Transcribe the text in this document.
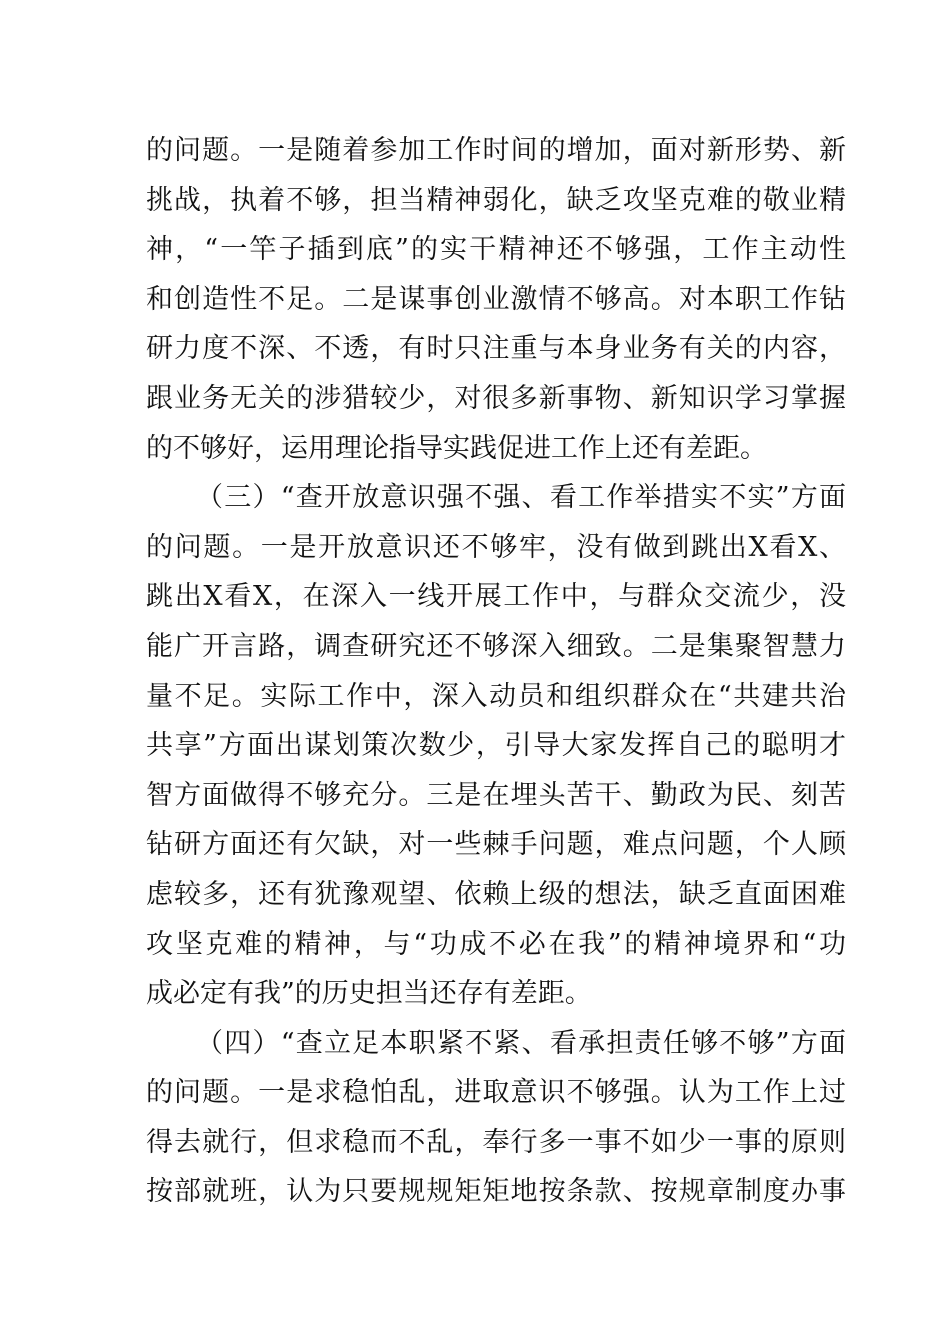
的问题。一是随着参加工作时间的增加，面对新形势、新
挑战，执着不够，担当精神弱化，缺乏攻坚克难的敬业精
神，“一竿子插到底”的实干精神还不够强，工作主动性
和创造性不足。二是谋事创业激情不够高。对本职工作钻
研力度不深、不透，有时只注重与本身业务有关的内容，
跟业务无关的涉猎较少，对很多新事物、新知识学习掌握
的不够好，运用理论指导实践促进工作上还有差距。
（三）“查开放意识强不强、看工作举措实不实”方面
的问题。一是开放意识还不够牢，没有做到跳出X看X、
跳出X看X，在深入一线开展工作中，与群众交流少，没
能广开言路，调查研究还不够深入细致。二是集聚智慧力
量不足。实际工作中，深入动员和组织群众在“共建共治
共享”方面出谋划策次数少，引导大家发挥自己的聪明才
智方面做得不够充分。三是在埋头苦干、勤政为民、刻苦
钻研方面还有欠缺，对一些棘手问题，难点问题，个人顾
虑较多，还有犹豫观望、依赖上级的想法，缺乏直面困难
攻坚克难的精神，与“功成不必在我”的精神境界和“功
成必定有我”的历史担当还存有差距。
（四）“查立足本职紧不紧、看承担责任够不够”方面
的问题。一是求稳怕乱，进取意识不够强。认为工作上过
得去就行，但求稳而不乱，奉行多一事不如少一事的原则
按部就班，认为只要规规矩矩地按条款、按规章制度办事
